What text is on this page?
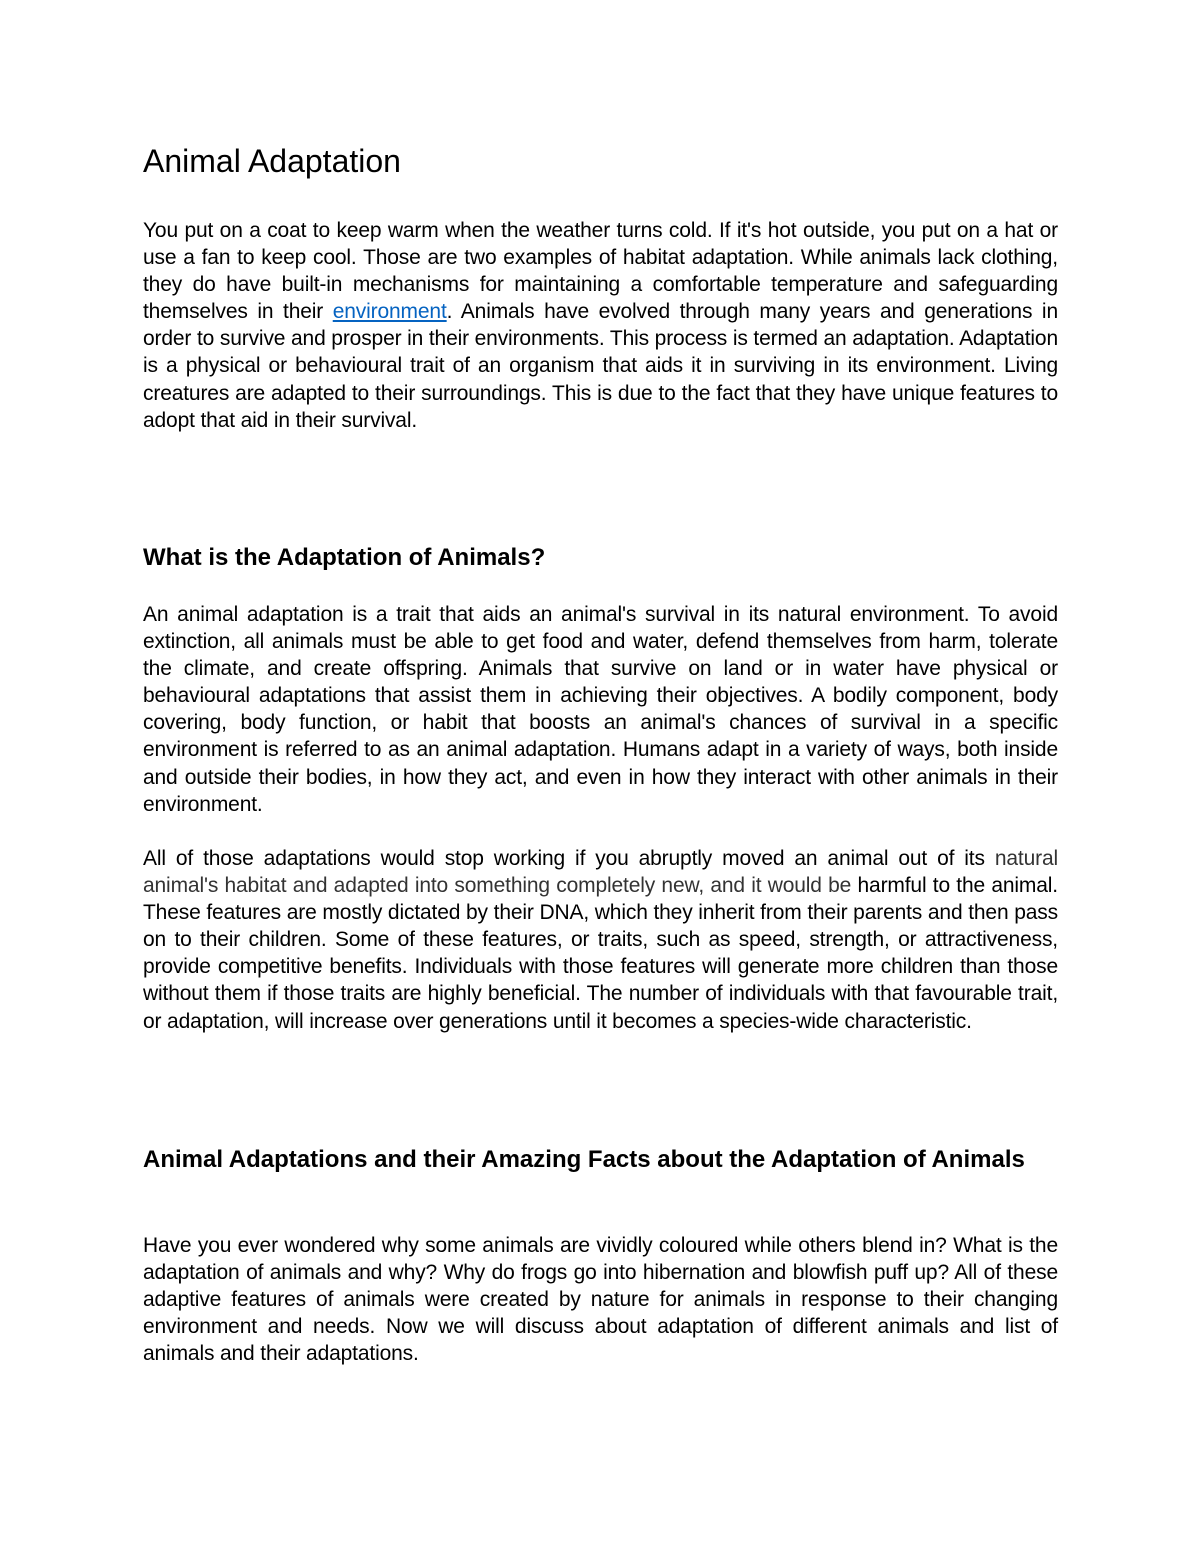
Animal Adaptation

You put on a coat to keep warm when the weather turns cold. If it's hot outside, you put on a hat or use a fan to keep cool. Those are two examples of habitat adaptation. While animals lack clothing, they do have built-in mechanisms for maintaining a comfortable temperature and safeguarding themselves in their environment. Animals have evolved through many years and generations in order to survive and prosper in their environments. This process is termed an adaptation. Adaptation is a physical or behavioural trait of an organism that aids it in surviving in its environment. Living creatures are adapted to their surroundings. This is due to the fact that they have unique features to adopt that aid in their survival.

What is the Adaptation of Animals?

An animal adaptation is a trait that aids an animal's survival in its natural environment. To avoid extinction, all animals must be able to get food and water, defend themselves from harm, tolerate the climate, and create offspring. Animals that survive on land or in water have physical or behavioural adaptations that assist them in achieving their objectives. A bodily component, body covering, body function, or habit that boosts an animal's chances of survival in a specific environment is referred to as an animal adaptation. Humans adapt in a variety of ways, both inside and outside their bodies, in how they act, and even in how they interact with other animals in their environment.

All of those adaptations would stop working if you abruptly moved an animal out of its natural animal's habitat and adapted into something completely new, and it would be harmful to the animal. These features are mostly dictated by their DNA, which they inherit from their parents and then pass on to their children. Some of these features, or traits, such as speed, strength, or attractiveness, provide competitive benefits. Individuals with those features will generate more children than those without them if those traits are highly beneficial. The number of individuals with that favourable trait, or adaptation, will increase over generations until it becomes a species-wide characteristic.

Animal Adaptations and their Amazing Facts about the Adaptation of Animals

Have you ever wondered why some animals are vividly coloured while others blend in? What is the adaptation of animals and why? Why do frogs go into hibernation and blowfish puff up? All of these adaptive features of animals were created by nature for animals in response to their changing environment and needs. Now we will discuss about adaptation of different animals and list of animals and their adaptations.
